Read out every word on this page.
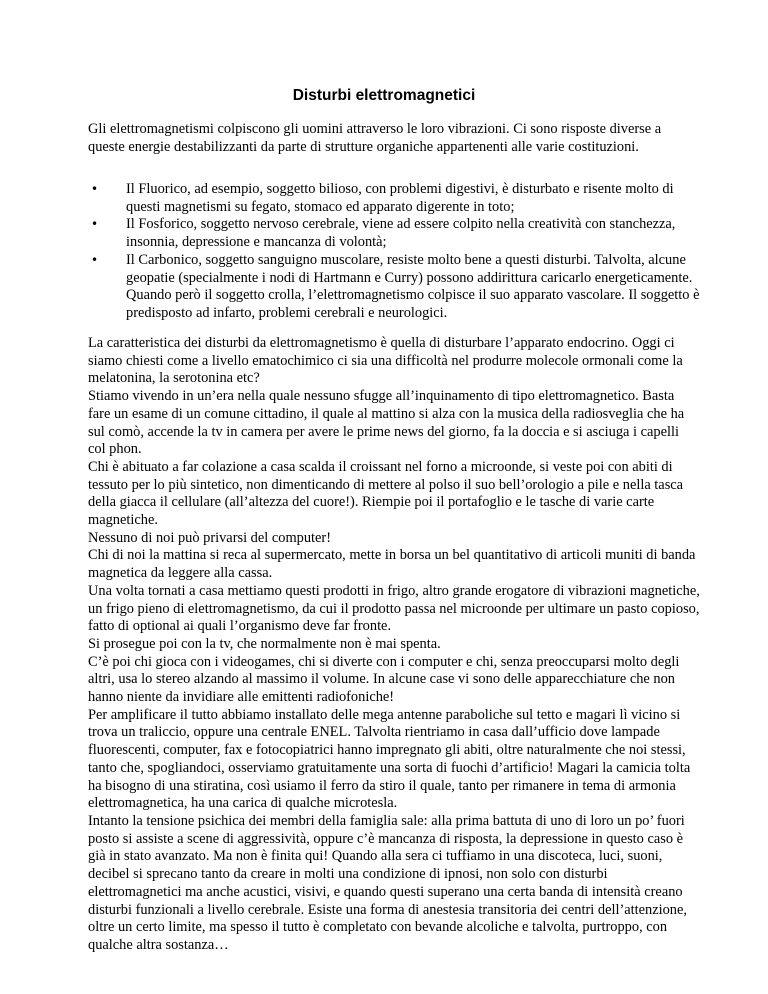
Disturbi elettromagnetici

Gli elettromagnetismi colpiscono gli uomini attraverso le loro vibrazioni. Ci sono risposte diverse a queste energie destabilizzanti da parte di strutture organiche appartenenti alle varie costituzioni.

• Il Fluorico, ad esempio, soggetto bilioso, con problemi digestivi, è disturbato e risente molto di questi magnetismi su fegato, stomaco ed apparato digerente in toto;
• Il Fosforico, soggetto nervoso cerebrale, viene ad essere colpito nella creatività con stanchezza, insonnia, depressione e mancanza di volontà;
• Il Carbonico, soggetto sanguigno muscolare, resiste molto bene a questi disturbi. Talvolta, alcune geopatie (specialmente i nodi di Hartmann e Curry) possono addirittura caricarlo energeticamente. Quando però il soggetto crolla, l’elettromagnetismo colpisce il suo apparato vascolare. Il soggetto è predisposto ad infarto, problemi cerebrali e neurologici.

La caratteristica dei disturbi da elettromagnetismo è quella di disturbare l’apparato endocrino. Oggi ci siamo chiesti come a livello ematochimico ci sia una difficoltà nel produrre molecole ormonali come la melatonina, la serotonina etc?

Stiamo vivendo in un’era nella quale nessuno sfugge all’inquinamento di tipo elettromagnetico. Basta fare un esame di un comune cittadino, il quale al mattino si alza con la musica della radiosveglia che ha sul comò, accende la tv in camera per avere le prime news del giorno, fa la doccia e si asciuga i capelli col phon.

Chi è abituato a far colazione a casa scalda il croissant nel forno a microonde, si veste poi con abiti di tessuto per lo più sintetico, non dimenticando di mettere al polso il suo bell’orologio a pile e nella tasca della giacca il cellulare (all’altezza del cuore!). Riempie poi il portafoglio e le tasche di varie carte magnetiche.

Nessuno di noi può privarsi del computer!

Chi di noi la mattina si reca al supermercato, mette in borsa un bel quantitativo di articoli muniti di banda magnetica da leggere alla cassa.

Una volta tornati a casa mettiamo questi prodotti in frigo, altro grande erogatore di vibrazioni magnetiche, un frigo pieno di elettromagnetismo, da cui il prodotto passa nel microonde per ultimare un pasto copioso, fatto di optional ai quali l’organismo deve far fronte.

Si prosegue poi con la tv, che normalmente non è mai spenta.

C’è poi chi gioca con i videogames, chi si diverte con i computer e chi, senza preoccuparsi molto degli altri, usa lo stereo alzando al massimo il volume. In alcune case vi sono delle apparecchiature che non hanno niente da invidiare alle emittenti radiofoniche!

Per amplificare il tutto abbiamo installato delle mega antenne paraboliche sul tetto e magari lì vicino si trova un traliccio, oppure una centrale ENEL. Talvolta rientriamo in casa dall’ufficio dove lampade fluorescenti, computer, fax e fotocopiatrici hanno impregnato gli abiti, oltre naturalmente che noi stessi, tanto che, spogliandoci, osserviamo gratuitamente una sorta di fuochi d’artificio! Magari la camicia tolta ha bisogno di una stiratina, così usiamo il ferro da stiro il quale, tanto per rimanere in tema di armonia elettromagnetica, ha una carica di qualche microtesla.

Intanto la tensione psichica dei membri della famiglia sale: alla prima battuta di uno di loro un po’ fuori posto si assiste a scene di aggressività, oppure c’è mancanza di risposta, la depressione in questo caso è già in stato avanzato. Ma non è finita qui! Quando alla sera ci tuffiamo in una discoteca, luci, suoni, decibel si sprecano tanto da creare in molti una condizione di ipnosi, non solo con disturbi elettromagnetici ma anche acustici, visivi, e quando questi superano una certa banda di intensità creano disturbi funzionali a livello cerebrale. Esiste una forma di anestesia transitoria dei centri dell’attenzione, oltre un certo limite, ma spesso il tutto è completato con bevande alcoliche e talvolta, purtroppo, con qualche altra sostanza…
